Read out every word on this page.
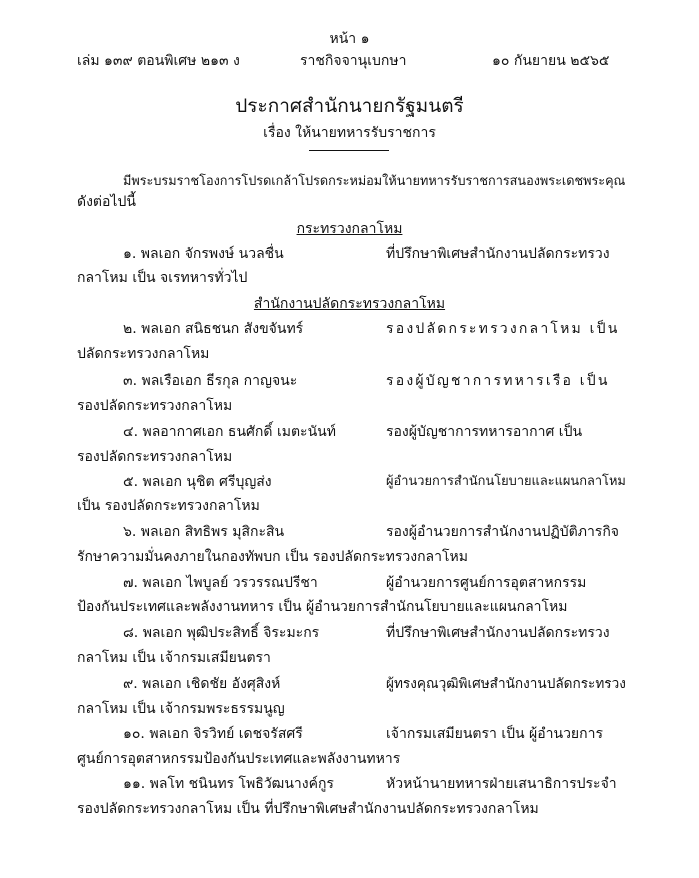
หน้า ๑
เล่ม ๑๓๙ ตอนพิเศษ ๒๑๓ ง	ราชกิจจานุเบกษา	๑๐ กันยายน ๒๕๖๕
ประกาศสำนักนายกรัฐมนตรี
เรื่อง ให้นายทหารรับราชการ
มีพระบรมราชโองการโปรดเกล้าโปรดกระหม่อมให้นายทหารรับราชการสนองพระเดชพระคุณ
ดังต่อไปนี้
กระทรวงกลาโหม
๑. พลเอก จักรพงษ์ นวลชื่น	ที่ปรึกษาพิเศษสำนักงานปลัดกระทรวง
กลาโหม เป็น จเรทหารทั่วไป
สำนักงานปลัดกระทรวงกลาโหม
๒. พลเอก สนิธชนก สังขจันทร์	รองปลัดกระทรวงกลาโหม เป็น
ปลัดกระทรวงกลาโหม
๓. พลเรือเอก ธีรกุล กาญจนะ	รองผู้บัญชาการทหารเรือ เป็น
รองปลัดกระทรวงกลาโหม
๔. พลอากาศเอก ธนศักดิ์ เมตะนันท์	รองผู้บัญชาการทหารอากาศ เป็น
รองปลัดกระทรวงกลาโหม
๕. พลเอก นุชิต ศรีบุญส่ง	ผู้อำนวยการสำนักนโยบายและแผนกลาโหม
เป็น รองปลัดกระทรวงกลาโหม
๖. พลเอก สิทธิพร มุสิกะสิน	รองผู้อำนวยการสำนักงานปฏิบัติภารกิจ
รักษาความมั่นคงภายในกองทัพบก เป็น รองปลัดกระทรวงกลาโหม
๗. พลเอก ไพบูลย์ วรวรรณปรีชา	ผู้อำนวยการศูนย์การอุตสาหกรรม
ป้องกันประเทศและพลังงานทหาร เป็น ผู้อำนวยการสำนักนโยบายและแผนกลาโหม
๘. พลเอก พุฒิประสิทธิ์ จิระมะกร	ที่ปรึกษาพิเศษสำนักงานปลัดกระทรวง
กลาโหม เป็น เจ้ากรมเสมียนตรา
๙. พลเอก เชิดชัย อังศุสิงห์	ผู้ทรงคุณวุฒิพิเศษสำนักงานปลัดกระทรวง
กลาโหม เป็น เจ้ากรมพระธรรมนูญ
๑๐. พลเอก จิรวิทย์ เดชจรัสศรี	เจ้ากรมเสมียนตรา เป็น ผู้อำนวยการ
ศูนย์การอุตสาหกรรมป้องกันประเทศและพลังงานทหาร
๑๑. พลโท ชนินทร โพธิวัฒนางค์กูร	หัวหน้านายทหารฝ่ายเสนาธิการประจำ
รองปลัดกระทรวงกลาโหม เป็น ที่ปรึกษาพิเศษสำนักงานปลัดกระทรวงกลาโหม
